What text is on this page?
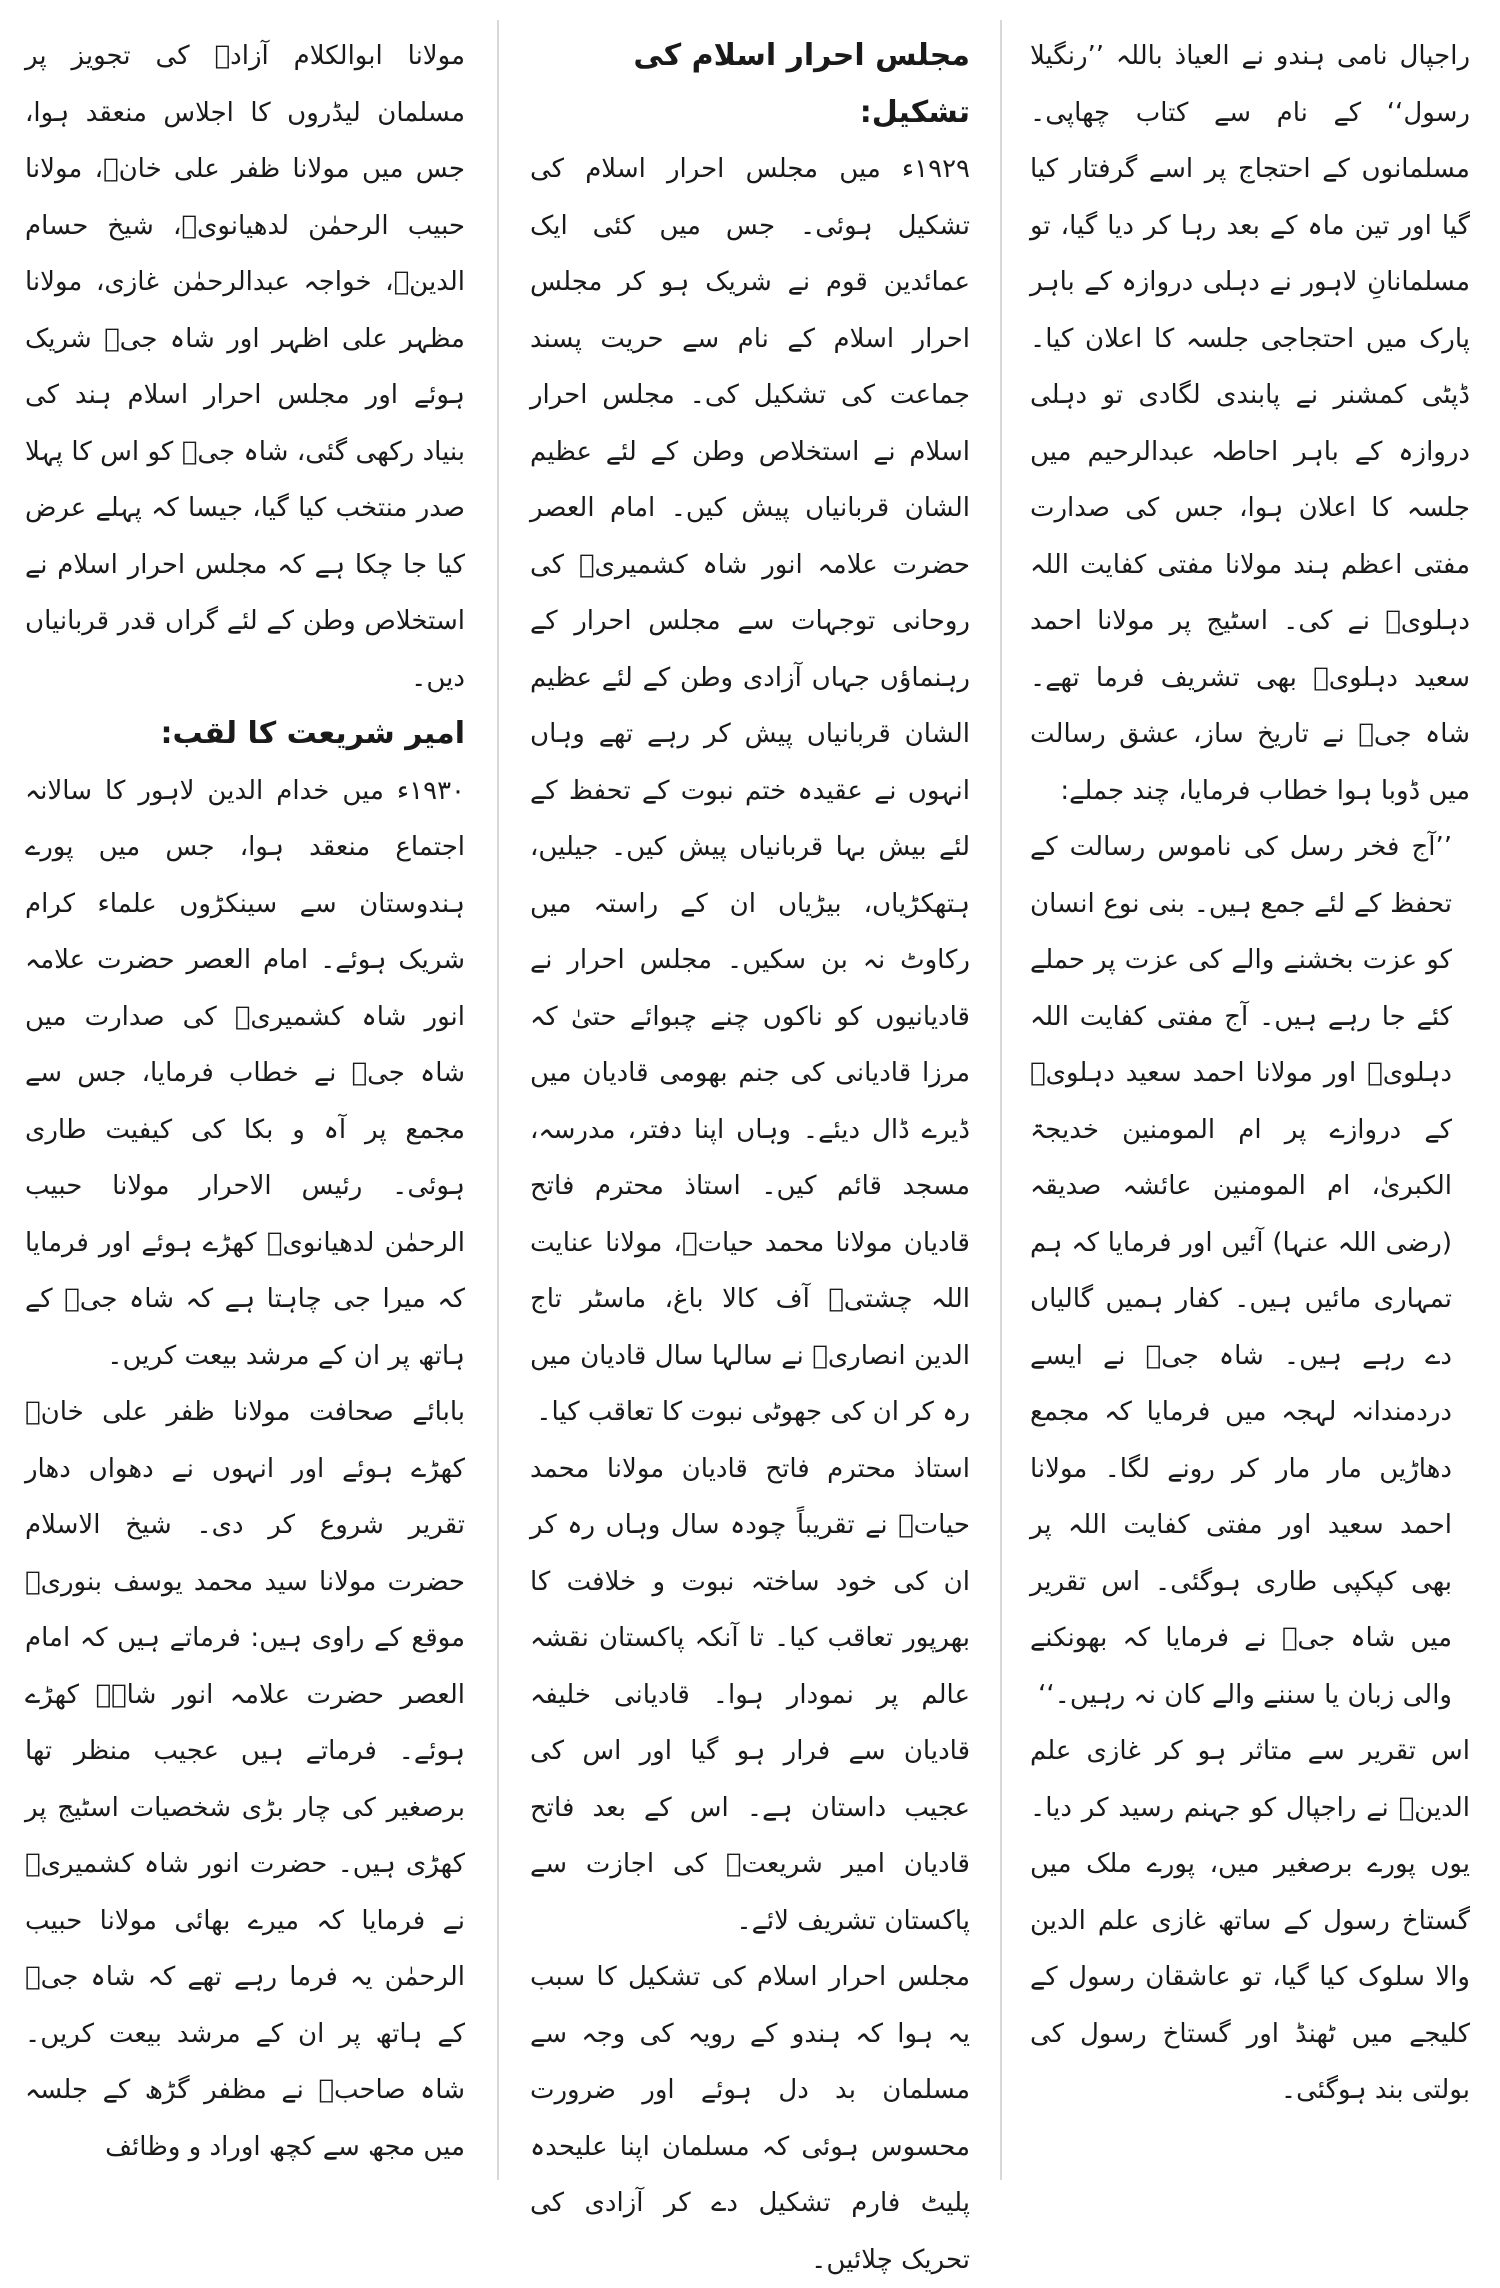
راجپال نامی ہندو نے العیاذ باللہ ’’رنگیلا رسول‘‘ کے نام سے کتاب چھاپی۔ مسلمانوں کے احتجاج پر اسے گرفتار کیا گیا اور تین ماہ کے بعد رہا کر دیا گیا، تو مسلمانانِ لاہور نے دہلی دروازہ کے باہر پارک میں احتجاجی جلسہ کا اعلان کیا۔ ڈپٹی کمشنر نے پابندی لگادی تو دہلی دروازہ کے باہر احاطہ عبدالرحیم میں جلسہ کا اعلان ہوا، جس کی صدارت مفتی اعظم ہند مولانا مفتی کفایت اللہ دہلویؒ نے کی۔ اسٹیج پر مولانا احمد سعید دہلویؒ بھی تشریف فرما تھے۔ شاہ جیؒ نے تاریخ ساز، عشق رسالت میں ڈوبا ہوا خطاب فرمایا، چند جملے:

’’آج فخر رسل کی ناموس رسالت کے تحفظ کے لئے جمع ہیں۔ بنی نوع انسان کو عزت بخشنے والے کی عزت پر حملے کئے جا رہے ہیں۔ آج مفتی کفایت اللہ دہلویؒ اور مولانا احمد سعید دہلویؒ کے دروازے پر ام المومنین خدیجۃ الکبریٰ، ام المومنین عائشہ صدیقہ (رضی اللہ عنہا) آئیں اور فرمایا کہ ہم تمہاری مائیں ہیں۔ کفار ہمیں گالیاں دے رہے ہیں۔ شاہ جیؒ نے ایسے دردمندانہ لہجہ میں فرمایا کہ مجمع دھاڑیں مار مار کر رونے لگا۔ مولانا احمد سعید اور مفتی کفایت اللہ پر بھی کپکپی طاری ہوگئی۔ اس تقریر میں شاہ جیؒ نے فرمایا کہ بھونکنے والی زبان یا سننے والے کان نہ رہیں۔‘‘

اس تقریر سے متاثر ہو کر غازی علم الدینؒ نے راجپال کو جہنم رسید کر دیا۔ یوں پورے برصغیر میں، پورے ملک میں گستاخ رسول کے ساتھ غازی علم الدین والا سلوک کیا گیا، تو عاشقان رسول کے کلیجے میں ٹھنڈ اور گستاخ رسول کی بولتی بند ہوگئی۔

مجلس احرار اسلام کی تشکیل:

۱۹۲۹ء میں مجلس احرار اسلام کی تشکیل ہوئی۔ جس میں کئی ایک عمائدین قوم نے شریک ہو کر مجلس احرار اسلام کے نام سے حریت پسند جماعت کی تشکیل کی۔ مجلس احرار اسلام نے استخلاص وطن کے لئے عظیم الشان قربانیاں پیش کیں۔ امام العصر حضرت علامہ انور شاہ کشمیریؒ کی روحانی توجہات سے مجلس احرار کے رہنماؤں جہاں آزادی وطن کے لئے عظیم الشان قربانیاں پیش کر رہے تھے وہاں انہوں نے عقیدہ ختم نبوت کے تحفظ کے لئے بیش بہا قربانیاں پیش کیں۔ جیلیں، ہتھکڑیاں، بیڑیاں ان کے راستہ میں رکاوٹ نہ بن سکیں۔ مجلس احرار نے قادیانیوں کو ناکوں چنے چبوائے حتیٰ کہ مرزا قادیانی کی جنم بھومی قادیان میں ڈیرے ڈال دیئے۔ وہاں اپنا دفتر، مدرسہ، مسجد قائم کیں۔ استاذ محترم فاتح قادیان مولانا محمد حیاتؒ، مولانا عنایت اللہ چشتیؒ آف کالا باغ، ماسٹر تاج الدین انصاریؒ نے سالہا سال قادیان میں رہ کر ان کی جھوٹی نبوت کا تعاقب کیا۔

استاذ محترم فاتح قادیان مولانا محمد حیاتؒ نے تقریباً چودہ سال وہاں رہ کر ان کی خود ساختہ نبوت و خلافت کا بھرپور تعاقب کیا۔ تا آنکہ پاکستان نقشہ عالم پر نمودار ہوا۔ قادیانی خلیفہ قادیان سے فرار ہو گیا اور اس کی عجیب داستان ہے۔ اس کے بعد فاتح قادیان امیر شریعتؒ کی اجازت سے پاکستان تشریف لائے۔

مجلس احرار اسلام کی تشکیل کا سبب یہ ہوا کہ ہندو کے رویہ کی وجہ سے مسلمان بد دل ہوئے اور ضرورت محسوس ہوئی کہ مسلمان اپنا علیحدہ پلیٹ فارم تشکیل دے کر آزادی کی تحریک چلائیں۔

مولانا ابوالکلام آزادؒ کی تجویز پر مسلمان لیڈروں کا اجلاس منعقد ہوا، جس میں مولانا ظفر علی خانؒ، مولانا حبیب الرحمٰن لدھیانویؒ، شیخ حسام الدینؒ، خواجہ عبدالرحمٰن غازی، مولانا مظہر علی اظہر اور شاہ جیؒ شریک ہوئے اور مجلس احرار اسلام ہند کی بنیاد رکھی گئی، شاہ جیؒ کو اس کا پہلا صدر منتخب کیا گیا، جیسا کہ پہلے عرض کیا جا چکا ہے کہ مجلس احرار اسلام نے استخلاص وطن کے لئے گراں قدر قربانیاں دیں۔

امیر شریعت کا لقب:

۱۹۳۰ء میں خدام الدین لاہور کا سالانہ اجتماع منعقد ہوا، جس میں پورے ہندوستان سے سینکڑوں علماء کرام شریک ہوئے۔ امام العصر حضرت علامہ انور شاہ کشمیریؒ کی صدارت میں شاہ جیؒ نے خطاب فرمایا، جس سے مجمع پر آہ و بکا کی کیفیت طاری ہوئی۔ رئیس الاحرار مولانا حبیب الرحمٰن لدھیانویؒ کھڑے ہوئے اور فرمایا کہ میرا جی چاہتا ہے کہ شاہ جیؒ کے ہاتھ پر ان کے مرشد بیعت کریں۔

بابائے صحافت مولانا ظفر علی خانؒ کھڑے ہوئے اور انہوں نے دھواں دھار تقریر شروع کر دی۔ شیخ الاسلام حضرت مولانا سید محمد یوسف بنوریؒ موقع کے راوی ہیں: فرماتے ہیں کہ امام العصر حضرت علامہ انور شاہؒ کھڑے ہوئے۔ فرماتے ہیں عجیب منظر تھا برصغیر کی چار بڑی شخصیات اسٹیج پر کھڑی ہیں۔ حضرت انور شاہ کشمیریؒ نے فرمایا کہ میرے بھائی مولانا حبیب الرحمٰن یہ فرما رہے تھے کہ شاہ جیؒ کے ہاتھ پر ان کے مرشد بیعت کریں۔ شاہ صاحبؒ نے مظفر گڑھ کے جلسہ میں مجھ سے کچھ اوراد و وظائف
